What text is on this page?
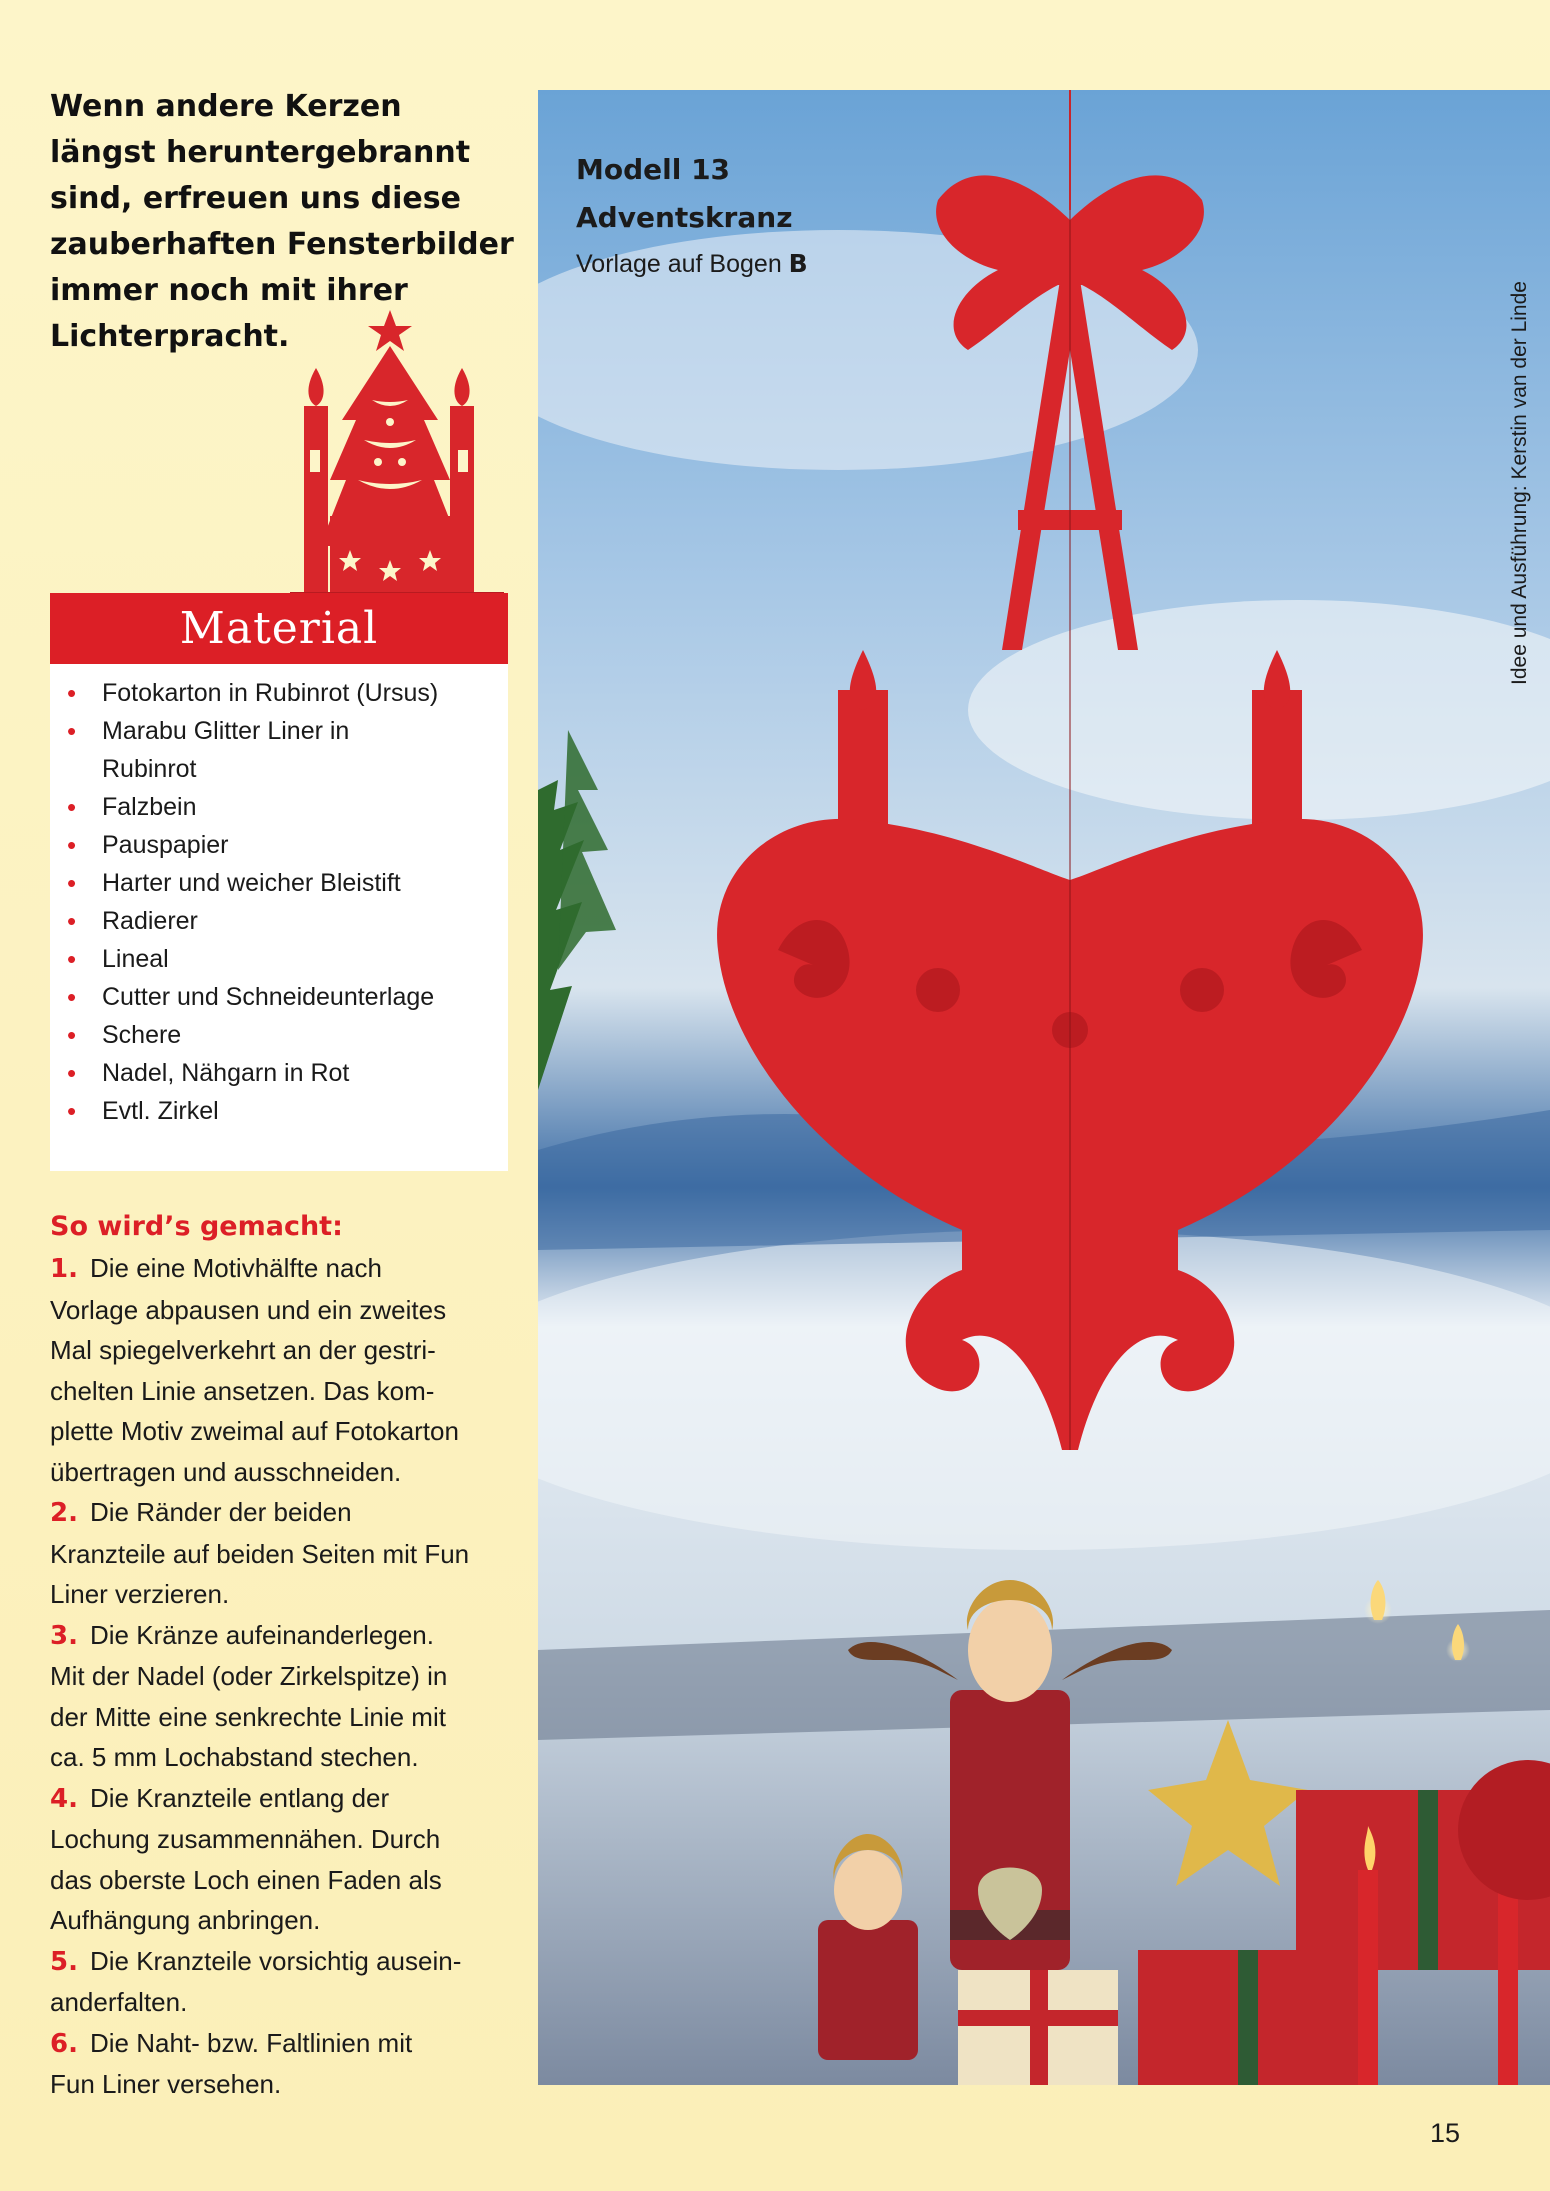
Wenn andere Kerzen
längst heruntergebrannt
sind, erfreuen uns diese
zauberhaften Fensterbilder
immer noch mit ihrer
Lichterpracht.
Material
• Fotokarton in Rubinrot (Ursus)
• Marabu Glitter Liner in
Rubinrot
• Falzbein
• Pauspapier
• Harter und weicher Bleistift
• Radierer
• Lineal
• Cutter und Schneideunterlage
• Schere
• Nadel, Nähgarn in Rot
• Evtl. Zirkel
So wird’s gemacht:
1. Die eine Motivhälfte nach
Vorlage abpausen und ein zweites
Mal spiegelverkehrt an der gestri-
chelten Linie ansetzen. Das kom-
plette Motiv zweimal auf Fotokarton
übertragen und ausschneiden.
2. Die Ränder der beiden
Kranzteile auf beiden Seiten mit Fun
Liner verzieren.
3. Die Kränze aufeinanderlegen.
Mit der Nadel (oder Zirkelspitze) in
der Mitte eine senkrechte Linie mit
ca. 5 mm Lochabstand stechen.
4. Die Kranzteile entlang der
Lochung zusammennähen. Durch
das oberste Loch einen Faden als
Aufhängung anbringen.
5. Die Kranzteile vorsichtig ausein-
anderfalten.
6. Die Naht- bzw. Faltlinien mit
Fun Liner versehen.
Modell 13
Adventskranz
Vorlage auf Bogen B
Idee und Ausführung: Kerstin van der Linde
15
